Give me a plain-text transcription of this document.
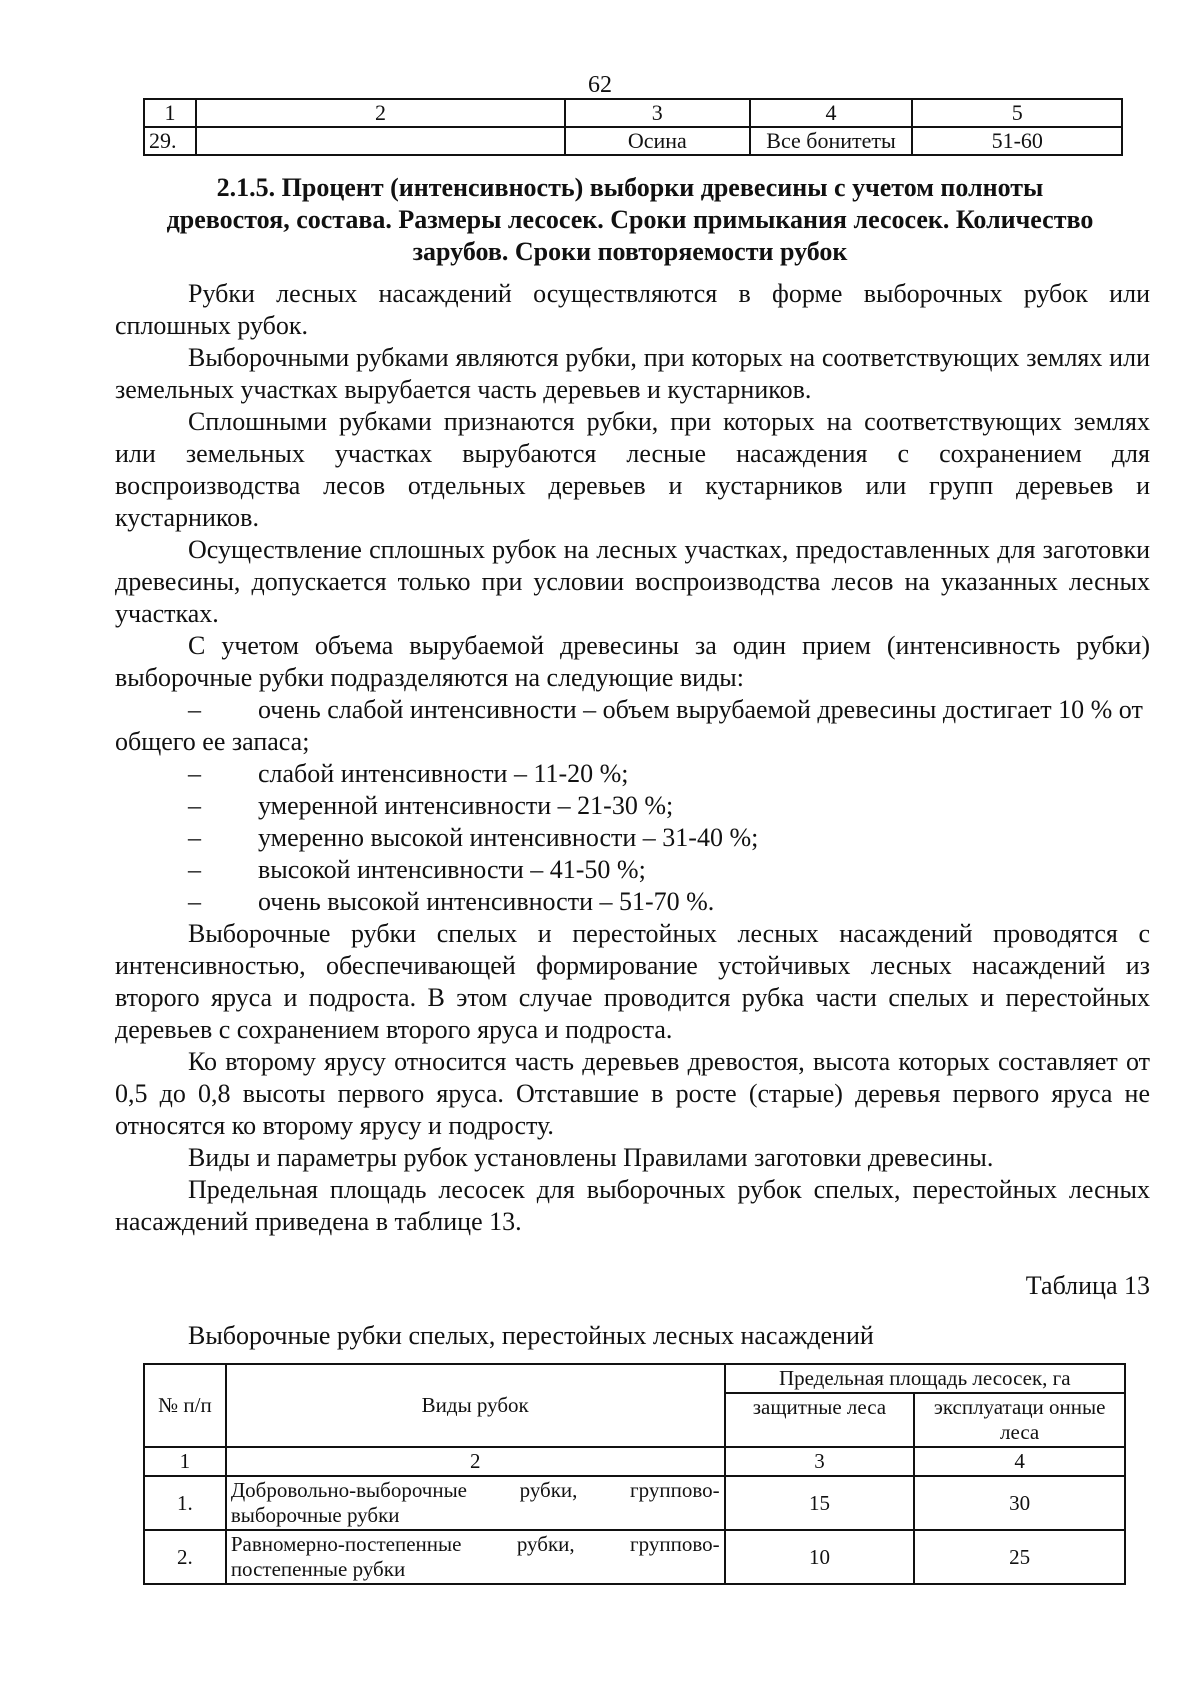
62
1	2	3	4	5
29.		Осина	Все бонитеты	51-60
2.1.5. Процент (интенсивность) выборки древесины с учетом полноты
древостоя, состава. Размеры лесосек. Сроки примыкания лесосек. Количество
зарубов. Сроки повторяемости рубок

Рубки лесных насаждений осуществляются в форме выборочных рубок или сплошных рубок.

Выборочными рубками являются рубки, при которых на соответствующих землях или земельных участках вырубается часть деревьев и кустарников.

Сплошными рубками признаются рубки, при которых на соответствующих землях или земельных участках вырубаются лесные насаждения с сохранением для воспроизводства лесов отдельных деревьев и кустарников или групп деревьев и кустарников.

Осуществление сплошных рубок на лесных участках, предоставленных для заготовки древесины, допускается только при условии воспроизводства лесов на указанных лесных участках.

С учетом объема вырубаемой древесины за один прием (интенсивность рубки) выборочные рубки подразделяются на следующие виды:

– очень слабой интенсивности – объем вырубаемой древесины достигает 10 % от общего ее запаса;

– слабой интенсивности – 11-20 %;

– умеренной интенсивности – 21-30 %;

– умеренно высокой интенсивности – 31-40 %;

– высокой интенсивности – 41-50 %;

– очень высокой интенсивности – 51-70 %.

Выборочные рубки спелых и перестойных лесных насаждений проводятся с интенсивностью, обеспечивающей формирование устойчивых лесных насаждений из второго яруса и подроста. В этом случае проводится рубка части спелых и перестойных деревьев с сохранением второго яруса и подроста.

Ко второму ярусу относится часть деревьев древостоя, высота которых составляет от 0,5 до 0,8 высоты первого яруса. Отставшие в росте (старые) деревья первого яруса не относятся ко второму ярусу и подросту.

Виды и параметры рубок установлены Правилами заготовки древесины.

Предельная площадь лесосек для выборочных рубок спелых, перестойных лесных насаждений приведена в таблице 13.

Таблица 13
Выборочные рубки спелых, перестойных лесных насаждений
№ п/п	Виды рубок	Предельная площадь лесосек, га	
		защитные леса	эксплуатаци онные леса
1	2	3	4
1.	Добровольно-выборочные рубки, группово-выборочные рубки	15	30
2.	Равномерно-постепенные рубки, группово-постепенные рубки	10	25
